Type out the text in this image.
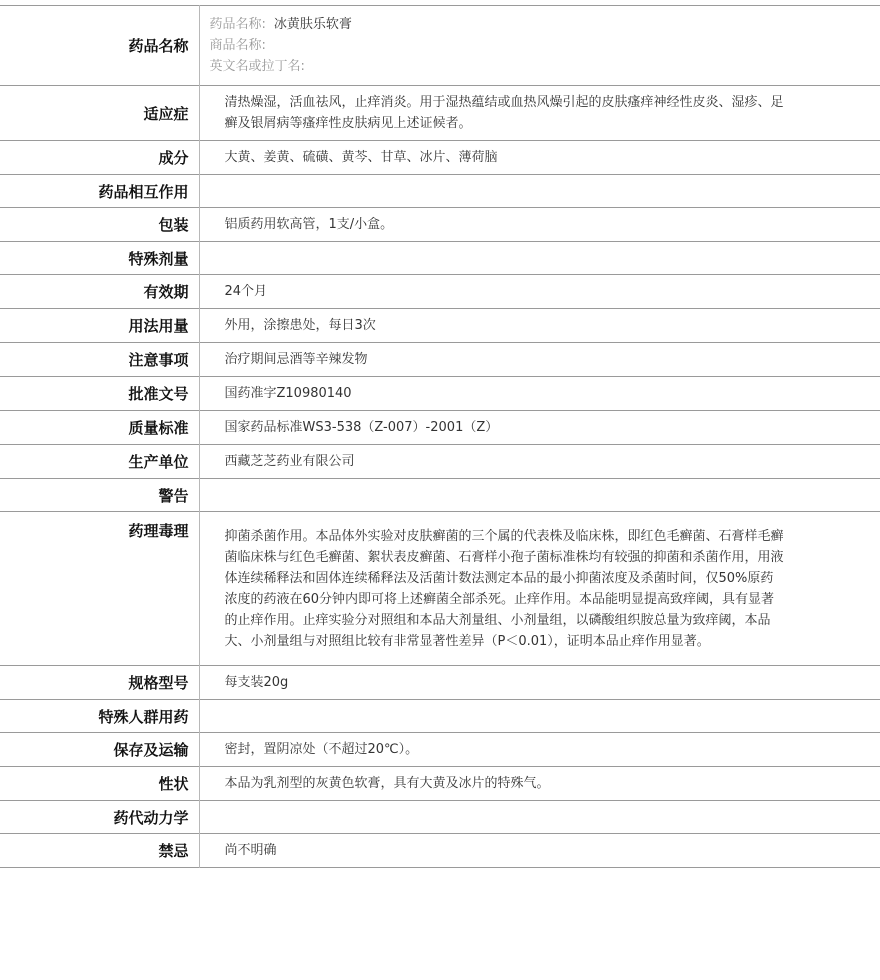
药品名称	药品名称: 冰黄肤乐软膏
商品名称:
英文名或拉丁名:

适应症	清热燥湿，活血祛风，止痒消炎。用于湿热蕴结或血热风燥引起的皮肤瘙痒神经性皮炎、湿疹、足癣及银屑病等瘙痒性皮肤病见上述证候者。
成分	大黄、姜黄、硫磺、黄芩、甘草、冰片、薄荷脑
药品相互作用	
包装	铝质药用软高管，1支/小盒。
特殊剂量	
有效期	24个月
用法用量	外用，涂擦患处，每日3次
注意事项	治疗期间忌酒等辛辣发物
批准文号	国药准字Z10980140
质量标准	国家药品标准WS3-538（Z-007）-2001（Z）
生产单位	西藏芝芝药业有限公司
警告	
药理毒理	抑菌杀菌作用。本品体外实验对皮肤癣菌的三个属的代表株及临床株，即红色毛癣菌、石膏样毛癣菌临床株与红色毛癣菌、絮状表皮癣菌、石膏样小孢子菌标准株均有较强的抑菌和杀菌作用，用液体连续稀释法和固体连续稀释法及活菌计数法测定本品的最小抑菌浓度及杀菌时间，仅50%原药浓度的药液在60分钟内即可将上述癣菌全部杀死。止痒作用。本品能明显提高致痒阈，具有显著的止痒作用。止痒实验分对照组和本品大剂量组、小剂量组，以磷酸组织胺总量为致痒阈，本品大、小剂量组与对照组比较有非常显著性差异（P＜0.01），证明本品止痒作用显著。
规格型号	每支装20g
特殊人群用药	
保存及运输	密封，置阴凉处（不超过20℃）。
性状	本品为乳剂型的灰黄色软膏，具有大黄及冰片的特殊气。
药代动力学	
禁忌	尚不明确
